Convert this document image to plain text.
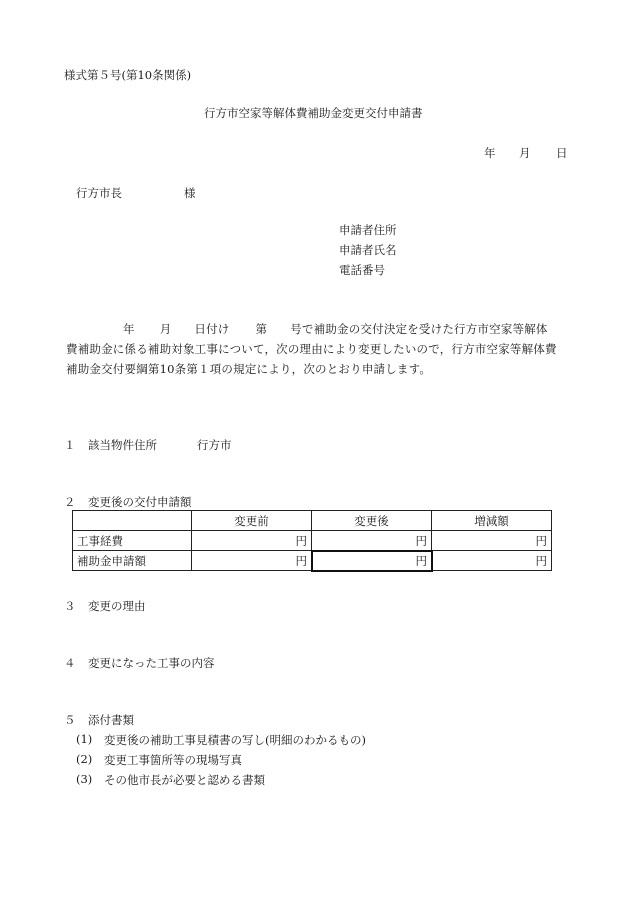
様式第５号(第10条関係)
行方市空家等解体費補助金変更交付申請書
年 月 日
行方市長	様
申請者住所
申請者氏名
電話番号
年 月 日付け 第 号で補助金の交付決定を受けた行方市空家等解体
費補助金に係る補助対象工事について，次の理由により変更したいので，行方市空家等解体費
補助金交付要綱第10条第１項の規定により，次のとおり申請します。
１ 該当物件住所	行方市
２ 変更後の交付申請額
	変更前	変更後	増減額
工事経費	円	円	円
補助金申請額	円	円	円
３ 変更の理由
４ 変更になった工事の内容
５ 添付書類
(1) 変更後の補助工事見積書の写し(明細のわかるもの)
(2) 変更工事箇所等の現場写真
(3) その他市長が必要と認める書類
